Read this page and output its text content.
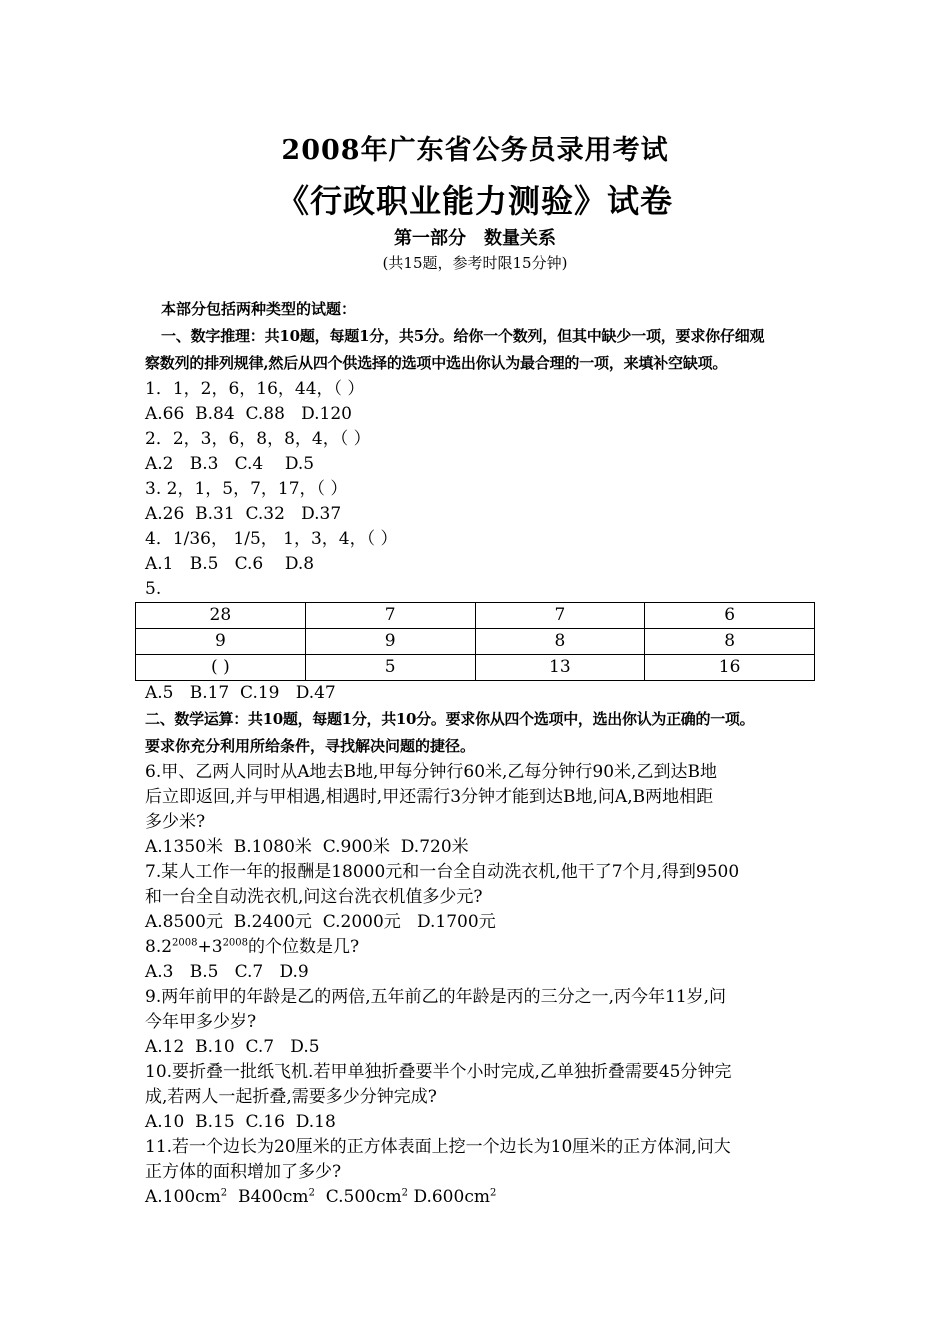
2008年广东省公务员录用考试
《行政职业能力测验》试卷
第一部分　数量关系
(共15题，参考时限15分钟)
本部分包括两种类型的试题：
一、数字推理：共10题，每题1分，共5分。给你一个数列，但其中缺少一项，要求你仔细观
察数列的排列规律,然后从四个供选择的选项中选出你认为最合理的一项，来填补空缺项。
1．1，2，6，16，44，（ ）
A.66  B.84  C.88   D.120
2．2，3，6，8，8，4，（ ）
A.2   B.3   C.4    D.5
3. 2，1，5，7，17，（ ）
A.26  B.31  C.32   D.37
4．1/36， 1/5， 1，3，4，（ ）
A.1   B.5   C.6    D.8
5.
28	7	7	6
9	9	8	8
( )	5	13	16
A.5   B.17  C.19   D.47
二、数学运算：共10题，每题1分，共10分。要求你从四个选项中，选出你认为正确的一项。
要求你充分利用所给条件，寻找解决问题的捷径。
6.甲、乙两人同时从A地去B地,甲每分钟行60米,乙每分钟行90米,乙到达B地
后立即返回,并与甲相遇,相遇时,甲还需行3分钟才能到达B地,问A,B两地相距
多少米?
A.1350米  B.1080米  C.900米  D.720米
7.某人工作一年的报酬是18000元和一台全自动洗衣机,他干了7个月,得到9500
和一台全自动洗衣机,问这台洗衣机值多少元?
A.8500元  B.2400元  C.2000元   D.1700元
$8.2^{2008}+3^{2008}$的个位数是几?
A.3   B.5   C.7   D.9
9.两年前甲的年龄是乙的两倍,五年前乙的年龄是丙的三分之一,丙今年11岁,问
今年甲多少岁?
A.12  B.10  C.7   D.5
10.要折叠一批纸飞机.若甲单独折叠要半个小时完成,乙单独折叠需要45分钟完
成,若两人一起折叠,需要多少分钟完成?
A.10  B.15  C.16  D.18
11.若一个边长为20厘米的正方体表面上挖一个边长为10厘米的正方体洞,问大
正方体的面积增加了多少?
$A.100cm^2$ $B400cm^2$ $C.500cm^2$ $D.600cm^2$
